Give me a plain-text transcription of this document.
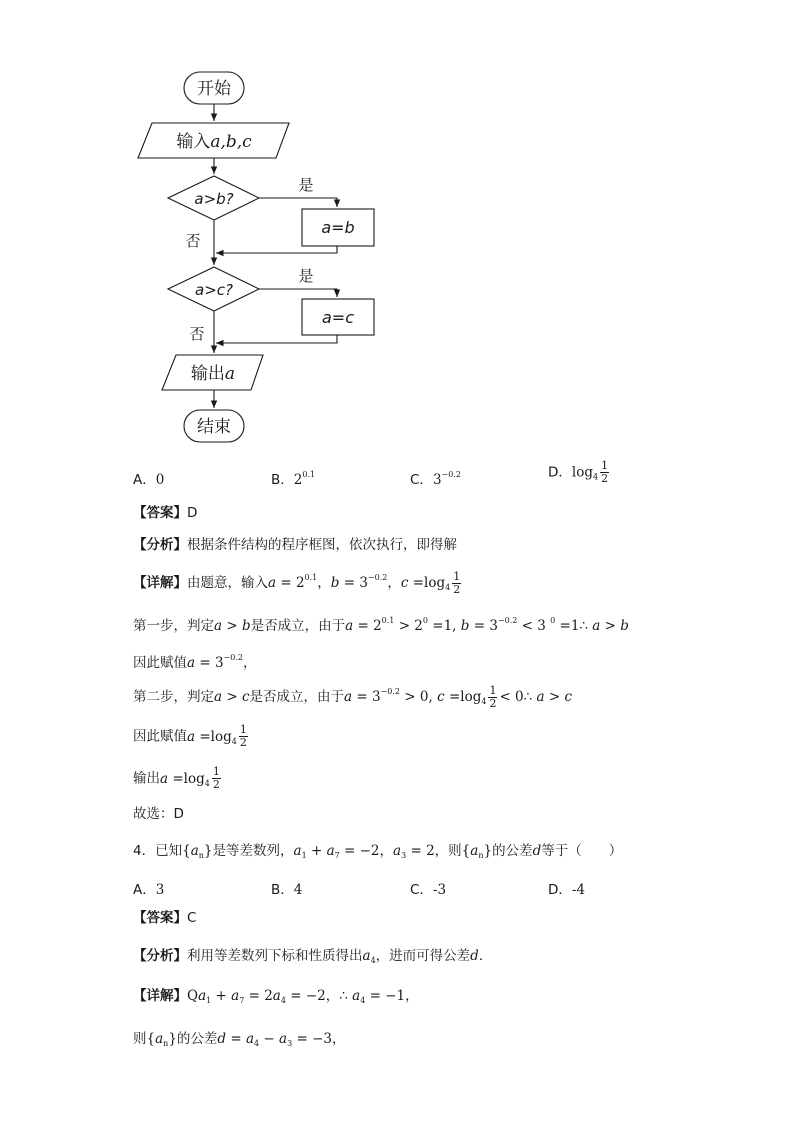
开始
输入a,b,c
a>b?
是
a=b
否
a>c?
是
a=c
否
输出a
结束
A．0	B．$2^{0.1}$	C．$3^{-0.2}$	D．$\log_4 \frac{1}{2}$
【答案】D
【分析】根据条件结构的程序框图，依次执行，即得解
【详解】由题意，输入$a = 2^{0.1}$，$b = 3^{-0.2}$，$c =\log_4 \frac{1}{2}$
第一步，判定a > b是否成立，由于$a = 2^{0.1} > 2^0 =1$, $b = 3^{-0.2} < 3$ $^0$ =1∴ a > b
因此赋值$a = 3^{-0.2}$，
第二步，判定a > c是否成立，由于$a = 3^{-0.2} > 0$, $c =\log_4 \frac{1}{2}$ < 0∴ a > c
因此赋值$a =\log_4 \frac{1}{2}$
输出$a =\log_4 \frac{1}{2}$
故选：D
4．已知$\{a_n\}$是等差数列，$a_1 + a_7 = -2$，$a_3 = 2$，则$\{a_n\}$的公差d等于（　　）
A．3	B．4	C．-3	D．-4
【答案】C
【分析】利用等差数列下标和性质得出$a_4$，进而可得公差d．
【详解】$Qa_1 + a_7 = 2a_4 = -2$，∴ $a_4 = -1$，
则$\{a_n\}$的公差$d = a_4 - a_3 = -3$，
